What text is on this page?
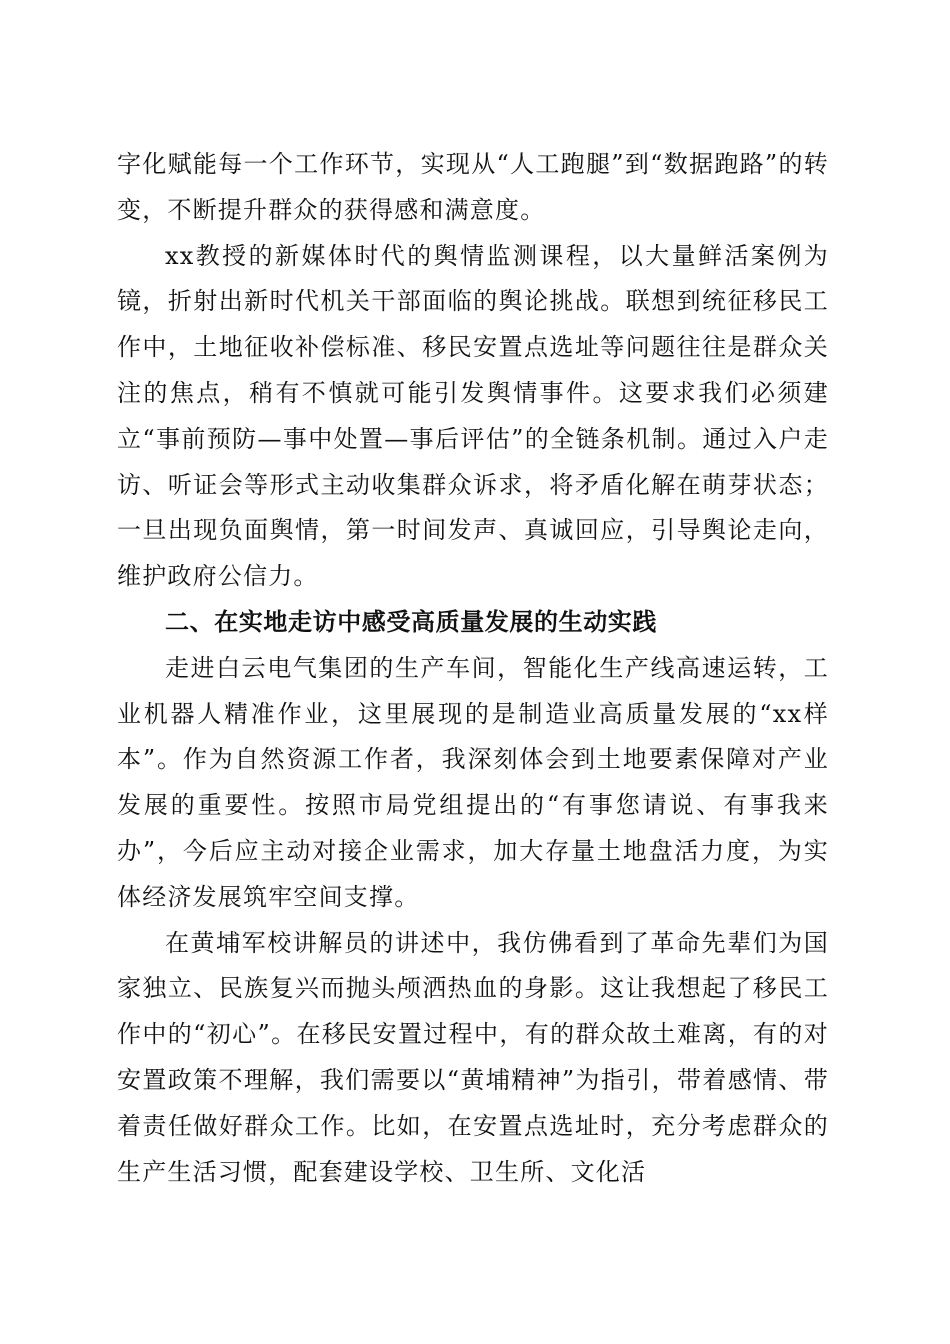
字化赋能每一个工作环节，实现从“人工跑腿”到“数据跑路”的转变，不断提升群众的获得感和满意度。

xx教授的新媒体时代的舆情监测课程，以大量鲜活案例为镜，折射出新时代机关干部面临的舆论挑战。联想到统征移民工作中，土地征收补偿标准、移民安置点选址等问题往往是群众关注的焦点，稍有不慎就可能引发舆情事件。这要求我们必须建立“事前预防—事中处置—事后评估”的全链条机制。通过入户走访、听证会等形式主动收集群众诉求，将矛盾化解在萌芽状态；一旦出现负面舆情，第一时间发声、真诚回应，引导舆论走向，维护政府公信力。

二、在实地走访中感受高质量发展的生动实践

走进白云电气集团的生产车间，智能化生产线高速运转，工业机器人精准作业，这里展现的是制造业高质量发展的“xx样本”。作为自然资源工作者，我深刻体会到土地要素保障对产业发展的重要性。按照市局党组提出的“有事您请说、有事我来办”，今后应主动对接企业需求，加大存量土地盘活力度，为实体经济发展筑牢空间支撑。

在黄埔军校讲解员的讲述中，我仿佛看到了革命先辈们为国家独立、民族复兴而抛头颅洒热血的身影。这让我想起了移民工作中的“初心”。在移民安置过程中，有的群众故土难离，有的对安置政策不理解，我们需要以“黄埔精神”为指引，带着感情、带着责任做好群众工作。比如，在安置点选址时，充分考虑群众的生产生活习惯，配套建设学校、卫生所、文化活
